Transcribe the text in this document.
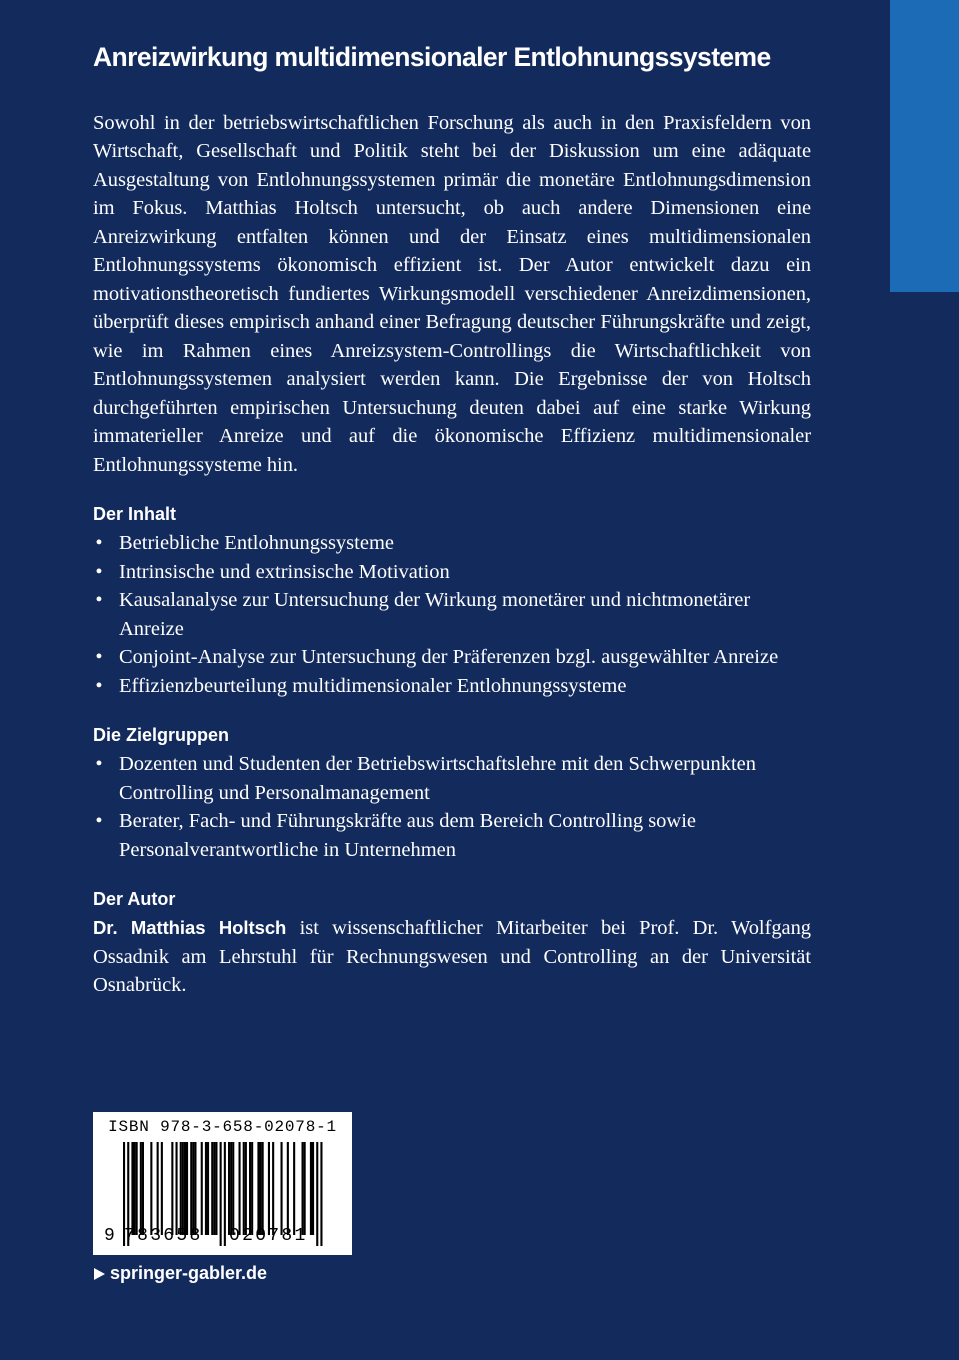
Anreizwirkung multidimensionaler Entlohnungssysteme

Sowohl in der betriebswirtschaftlichen Forschung als auch in den Praxisfeldern von Wirtschaft, Gesellschaft und Politik steht bei der Diskussion um eine adäquate Ausgestaltung von Entlohnungssystemen primär die monetäre Entlohnungsdimension im Fokus. Matthias Holtsch untersucht, ob auch andere Dimensionen eine Anreizwirkung entfalten können und der Einsatz eines multidimensionalen Entlohnungssystems ökonomisch effizient ist. Der Autor entwickelt dazu ein motivationstheoretisch fundiertes Wirkungsmodell verschiedener Anreizdimensionen, überprüft dieses empirisch anhand einer Befragung deutscher Führungskräfte und zeigt, wie im Rahmen eines Anreizsystem-Controllings die Wirtschaftlichkeit von Entlohnungssystemen analysiert werden kann. Die Ergebnisse der von Holtsch durchgeführten empirischen Untersuchung deuten dabei auf eine starke Wirkung immaterieller Anreize und auf die ökonomische Effizienz multidimensionaler Entlohnungssysteme hin.

Der Inhalt
• Betriebliche Entlohnungssysteme
• Intrinsische und extrinsische Motivation
• Kausalanalyse zur Untersuchung der Wirkung monetärer und nichtmonetärer Anreize
• Conjoint-Analyse zur Untersuchung der Präferenzen bzgl. ausgewählter Anreize
• Effizienzbeurteilung multidimensionaler Entlohnungssysteme
Die Zielgruppen
• Dozenten und Studenten der Betriebswirtschaftslehre mit den Schwerpunkten Controlling und Personalmanagement
• Berater, Fach- und Führungskräfte aus dem Bereich Controlling sowie Personalverantwortliche in Unternehmen
Der Autor

Dr. Matthias Holtsch ist wissenschaftlicher Mitarbeiter bei Prof. Dr. Wolfgang Ossadnik am Lehrstuhl für Rechnungswesen und Controlling an der Universität Osnabrück.

ISBN 978-3-658-02078-1
9 783658 020781
springer-gabler.de
